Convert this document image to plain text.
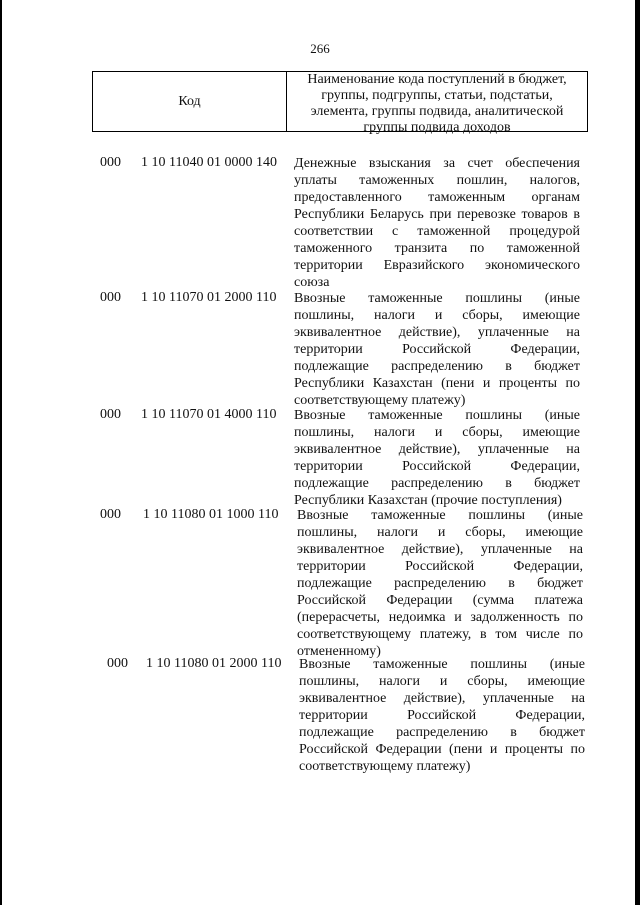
266
Код
Наименование кода поступлений в бюджет,
группы, подгруппы, статьи, подстатьи,
элемента, группы подвида, аналитической
группы подвида доходов
000 1 10 11040 01 0000 140 Денежные взыскания за счет обеспечения
уплаты таможенных пошлин, налогов,
предоставленного таможенным органам
Республики Беларусь при перевозке товаров в
соответствии с таможенной процедурой
таможенного транзита по таможенной
территории Евразийского экономического
союза
000 1 10 11070 01 2000 110 Ввозные таможенные пошлины (иные
пошлины, налоги и сборы, имеющие
эквивалентное действие), уплаченные на
территории Российской Федерации,
подлежащие распределению в бюджет
Республики Казахстан (пени и проценты по
соответствующему платежу)
000 1 10 11070 01 4000 110 Ввозные таможенные пошлины (иные
пошлины, налоги и сборы, имеющие
эквивалентное действие), уплаченные на
территории Российской Федерации,
подлежащие распределению в бюджет
Республики Казахстан (прочие поступления)
000 1 10 11080 01 1000 110 Ввозные таможенные пошлины (иные
пошлины, налоги и сборы, имеющие
эквивалентное действие), уплаченные на
территории Российской Федерации,
подлежащие распределению в бюджет
Российской Федерации (сумма платежа
(перерасчеты, недоимка и задолженность по
соответствующему платежу, в том числе по
отмененному)
000 1 10 11080 01 2000 110 Ввозные таможенные пошлины (иные
пошлины, налоги и сборы, имеющие
эквивалентное действие), уплаченные на
территории Российской Федерации,
подлежащие распределению в бюджет
Российской Федерации (пени и проценты по
соответствующему платежу)
